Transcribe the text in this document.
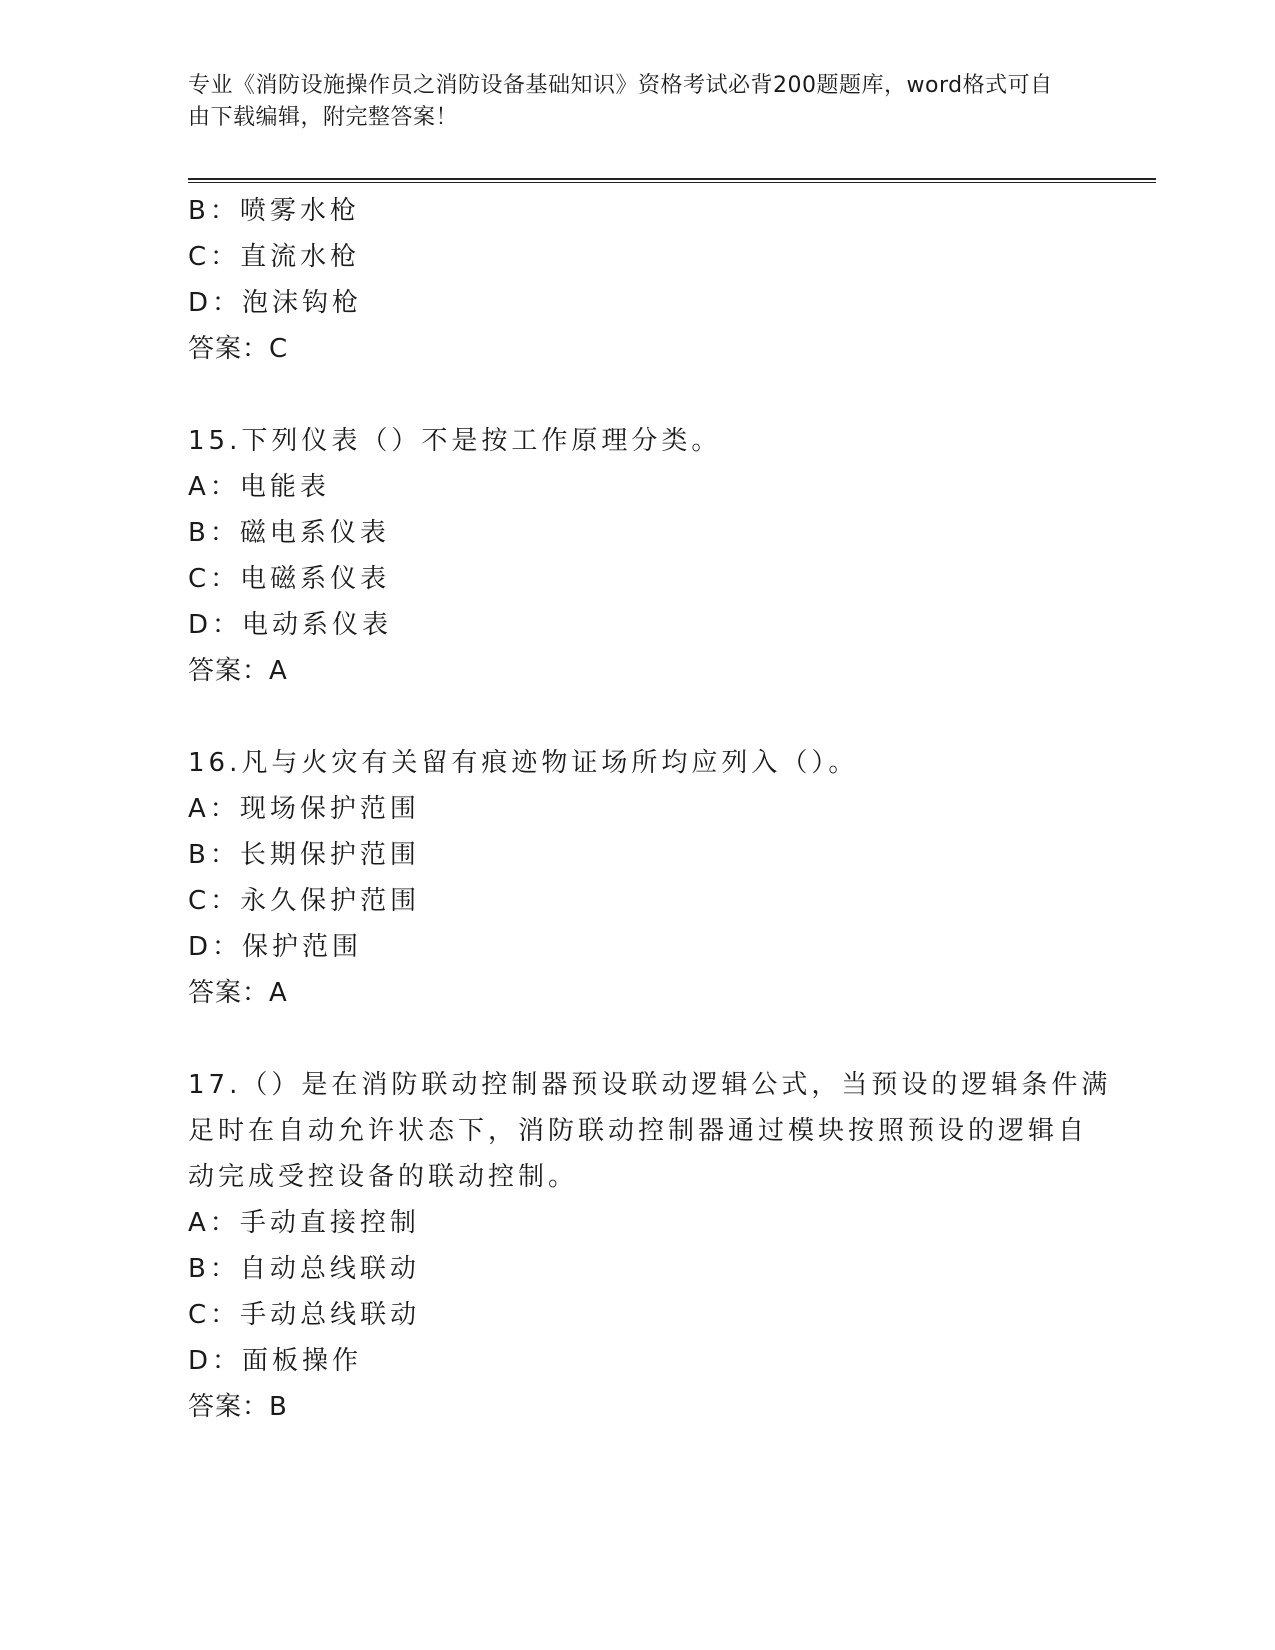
专业《消防设施操作员之消防设备基础知识》资格考试必背200题题库，word格式可自由下载编辑，附完整答案！
B：喷雾水枪
C：直流水枪
D：泡沫钩枪
答案：C
15.下列仪表（）不是按工作原理分类。
A：电能表
B：磁电系仪表
C：电磁系仪表
D：电动系仪表
答案：A
16.凡与火灾有关留有痕迹物证场所均应列入（）。
A：现场保护范围
B：长期保护范围
C：永久保护范围
D：保护范围
答案：A
17.（）是在消防联动控制器预设联动逻辑公式，当预设的逻辑条件满
足时在自动允许状态下，消防联动控制器通过模块按照预设的逻辑自
动完成受控设备的联动控制。
A：手动直接控制
B：自动总线联动
C：手动总线联动
D：面板操作
答案：B
